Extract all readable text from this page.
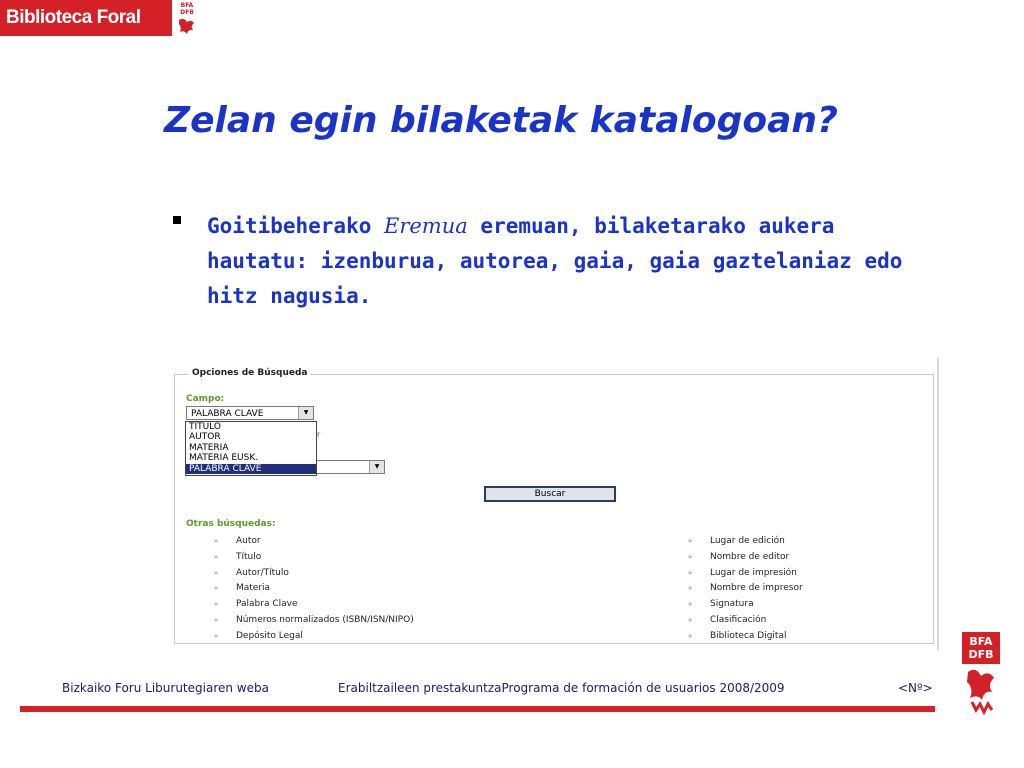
Biblioteca Foral
BFA
DFB
Zelan egin bilaketak katalogoan?
Goitibeherako Eremua eremuan, bilaketarako aukera hautatu: izenburua, autorea, gaia, gaia gaztelaniaz edo hitz nagusia.
Opciones de Búsqueda
Campo:
PALABRA CLAVE	▼
r
▼
TÍTULO
AUTOR
MATERIA
MATERIA EUSK.
PALABRA CLAVE
Buscar
Otras búsquedas:
» Autor
» Título
» Autor/Título
» Materia
» Palabra Clave
» Números normalizados (ISBN/ISN/NIPO)
» Depósito Legal
» Lugar de edición
» Nombre de editor
» Lugar de impresión
» Nombre de impresor
» Signatura
» Clasificación
» Biblioteca Digital
Bizkaiko Foru Liburutegiaren weba	Erabiltzaileen prestakuntzaPrograma de formación de usuarios 2008/2009	<Nº>
BFA
DFB
